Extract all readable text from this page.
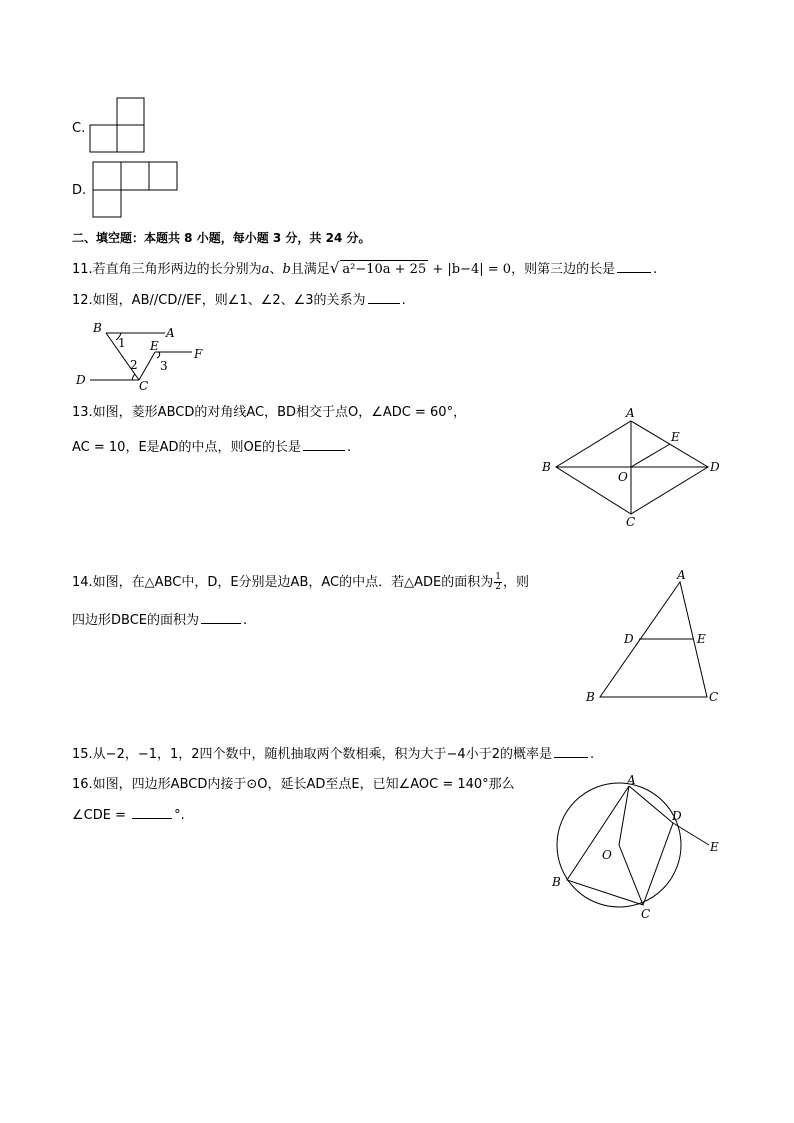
C.
D.
二、填空题：本题共 8 小题，每小题 3 分，共 24 分。
11.若直角三角形两边的长分别为a、b且满足√ a²−10a + 25 + |b−4| = 0，则第三边的长是	.
12.如图，AB//CD//EF，则∠1、∠2、∠3的关系为	.
B	A
E
F
D	C
1
2 3
13.如图，菱形ABCD的对角线AC，BD相交于点O，∠ADC = 60°，
AC = 10，E是AD的中点，则OE的长是	.
A
B	D
C
O
E
14.如图，在△ABC中，D，E分别是边AB，AC的中点．若△ADE的面积为 $\frac{1}{2}$ ，则
四边形DBCE的面积为	.
A
D	E
B	C
15.从−2，−1，1，2四个数中，随机抽取两个数相乘，积为大于−4小于2的概率是	.
16.如图，四边形ABCD内接于⊙O，延长AD至点E，已知∠AOC = 140°那么
∠CDE =	°.
A
D
E
O
B
C
